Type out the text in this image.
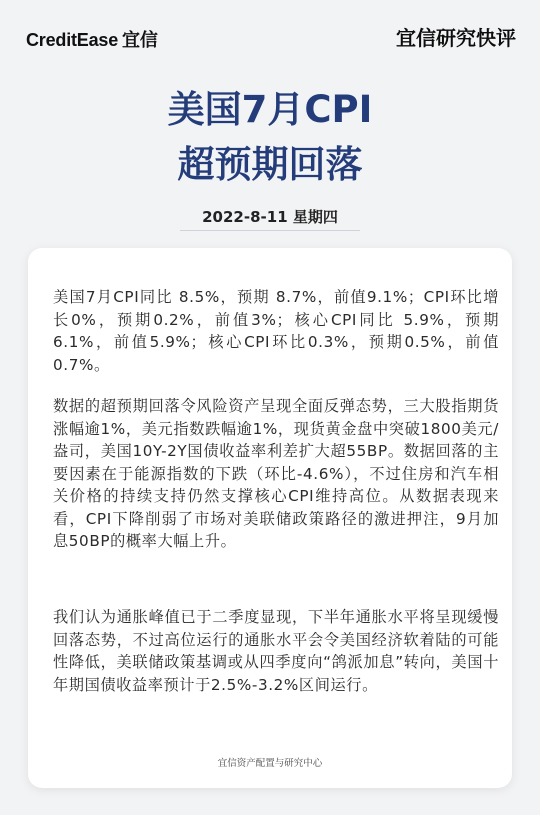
CreditEase 宜信	宜信研究快评
美国7月CPI
超预期回落
2022-8-11 星期四
美国7月CPI同比 8.5%，预期 8.7%，前值9.1%；CPI环比增长0%，预期0.2%，前值3%；核心CPI同比 5.9%，预期 6.1%，前值5.9%；核心CPI环比0.3%，预期0.5%，前值0.7%。
数据的超预期回落令风险资产呈现全面反弹态势，三大股指期货涨幅逾1%，美元指数跌幅逾1%，现货黄金盘中突破1800美元/盎司，美国10Y-2Y国债收益率利差扩大超55BP。数据回落的主要因素在于能源指数的下跌（环比-4.6%），不过住房和汽车相关价格的持续支持仍然支撑核心CPI维持高位。从数据表现来看，CPI下降削弱了市场对美联储政策路径的激进押注，9月加息50BP的概率大幅上升。
我们认为通胀峰值已于二季度显现，下半年通胀水平将呈现缓慢回落态势，不过高位运行的通胀水平会令美国经济软着陆的可能性降低，美联储政策基调或从四季度向“鸽派加息”转向，美国十年期国债收益率预计于2.5%-3.2%区间运行。
宜信资产配置与研究中心
